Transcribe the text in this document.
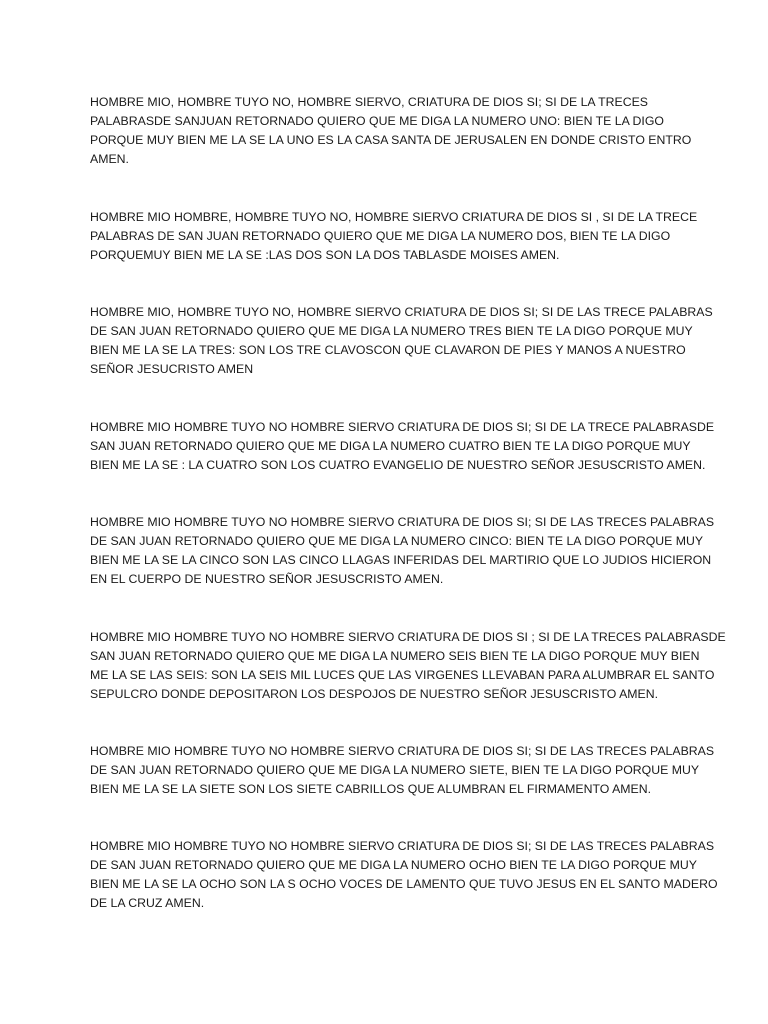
HOMBRE MIO, HOMBRE TUYO NO, HOMBRE SIERVO, CRIATURA DE DIOS SI; SI DE LA TRECES
PALABRASDE SANJUAN RETORNADO QUIERO QUE ME DIGA LA NUMERO UNO: BIEN TE LA DIGO
PORQUE MUY BIEN ME LA SE LA UNO ES LA CASA SANTA DE JERUSALEN EN DONDE CRISTO ENTRO
AMEN.

HOMBRE MIO HOMBRE, HOMBRE TUYO NO, HOMBRE SIERVO CRIATURA DE DIOS SI , SI DE LA TRECE
PALABRAS DE SAN JUAN RETORNADO QUIERO QUE ME DIGA LA NUMERO DOS, BIEN TE LA DIGO
PORQUEMUY BIEN ME LA SE :LAS DOS SON LA DOS TABLASDE MOISES AMEN.

HOMBRE MIO, HOMBRE TUYO NO, HOMBRE SIERVO CRIATURA DE DIOS SI; SI DE LAS TRECE PALABRAS
DE SAN JUAN RETORNADO QUIERO QUE ME DIGA LA NUMERO TRES BIEN TE LA DIGO PORQUE MUY
BIEN ME LA SE LA TRES: SON LOS TRE CLAVOSCON QUE CLAVARON DE PIES Y MANOS A NUESTRO
SEÑOR JESUCRISTO AMEN

HOMBRE MIO HOMBRE TUYO NO HOMBRE SIERVO CRIATURA DE DIOS SI; SI DE LA TRECE PALABRASDE
SAN JUAN RETORNADO QUIERO QUE ME DIGA LA NUMERO CUATRO BIEN TE LA DIGO PORQUE MUY
BIEN ME LA SE : LA CUATRO SON LOS CUATRO EVANGELIO DE NUESTRO SEÑOR JESUSCRISTO AMEN.

HOMBRE MIO HOMBRE TUYO NO HOMBRE SIERVO CRIATURA DE DIOS SI; SI DE LAS TRECES PALABRAS
DE SAN JUAN RETORNADO QUIERO QUE ME DIGA LA NUMERO CINCO: BIEN TE LA DIGO PORQUE MUY
BIEN ME LA SE LA CINCO SON LAS CINCO LLAGAS INFERIDAS DEL MARTIRIO QUE LO JUDIOS HICIERON
EN EL CUERPO DE NUESTRO SEÑOR JESUSCRISTO AMEN.

HOMBRE MIO HOMBRE TUYO NO HOMBRE SIERVO CRIATURA DE DIOS SI ; SI DE LA TRECES PALABRASDE
SAN JUAN RETORNADO QUIERO QUE ME DIGA LA NUMERO SEIS BIEN TE LA DIGO PORQUE MUY BIEN
ME LA SE LAS SEIS: SON LA SEIS MIL LUCES QUE LAS VIRGENES LLEVABAN PARA ALUMBRAR EL SANTO
SEPULCRO DONDE DEPOSITARON LOS DESPOJOS DE NUESTRO SEÑOR JESUSCRISTO AMEN.

HOMBRE MIO HOMBRE TUYO NO HOMBRE SIERVO CRIATURA DE DIOS SI; SI DE LAS TRECES PALABRAS
DE SAN JUAN RETORNADO QUIERO QUE ME DIGA LA NUMERO SIETE, BIEN TE LA DIGO PORQUE MUY
BIEN ME LA SE LA SIETE SON LOS SIETE CABRILLOS QUE ALUMBRAN EL FIRMAMENTO AMEN.

HOMBRE MIO HOMBRE TUYO NO HOMBRE SIERVO CRIATURA DE DIOS SI; SI DE LAS TRECES PALABRAS
DE SAN JUAN RETORNADO QUIERO QUE ME DIGA LA NUMERO OCHO BIEN TE LA DIGO PORQUE MUY
BIEN ME LA SE LA OCHO SON LA S OCHO VOCES DE LAMENTO QUE TUVO JESUS EN EL SANTO MADERO
DE LA CRUZ AMEN.
